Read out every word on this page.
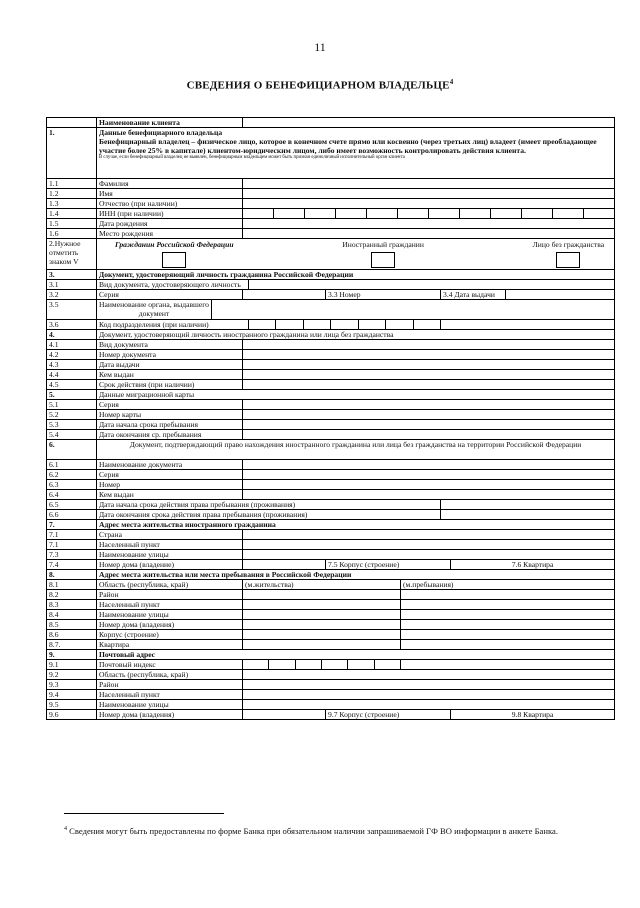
11
СВЕДЕНИЯ О БЕНЕФИЦИАРНОМ ВЛАДЕЛЬЦЕ$^4$
	Наименование клиента								
1.	Данные бенефициарного владельца
Бенефициарный владелец – физическое лицо, которое в конечном счете прямо или косвенно (через третьих лиц) владеет (имеет преобладающее участие более 25% в капитале) клиентом-юридическим лицом, либо имеет возможность контролировать действия клиента.
В случае, если бенефициарный владелец не выявлен, бенефициарным владельцем может быть признан единоличный исполнительный орган клиента								

1.1	Фамилия								
1.2	Имя								
1.3	Отчество (при наличии)								
1.4	ИНН (при наличии)								

1.5	Дата рождения								
1.6	Место рождения								
2.Нужное отметить знаком V	Гражданин Российской Федерации Иностранный гражданин Лицо без гражданства								

3.	Документ, удостоверяющий личность гражданина Российской Федерации								
3.1	Вид документа, удостоверяющего личность								
3.2	Серия				3.3 Номер		3.4 Дата выдачи		
3.5	Наименование органа, выдавшего документ								
3.6	Код подразделения (при наличии)							

4.	Документ, удостоверяющий личность иностранного гражданина или лица без гражданства								
4.1	Вид документа								
4.2	Номер документа								
4.3	Дата выдачи								
4.4	Кем выдан								
4.5	Срок действия (при наличии)								
5.	Данные миграционной карты								
5.1	Серия								
5.2	Номер карты								
5.3	Дата начала срока пребывания								
5.4	Дата окончания ср. пребывания								
6.	Документ, подтверждающий право нахождения иностранного гражданина или лица без гражданства на территории Российской Федерации								
6.1	Наименование документа								
6.2	Серия								
6.3	Номер								
6.4	Кем выдан								
6.5	Дата начала срока действия права пребывания (проживания)								
6.6	Дата окончания срока действия права пребывания (проживания)								
7.	Адрес места жительства иностранного гражданина								
7.1	Страна								
7.1	Населенный пункт								
7.3	Наименование улицы								
7.4	Номер дома (владение)				7.5 Корпус (строение)			7.6 Квартира	
8.	Адрес места жительства или места пребывания в Российской Федерации								
8.1	Область (республика, край)		(м.жительства)			(м.пребывания)			
8.2	Район								
8.3	Населенный пункт								
8.4	Наименование улицы								
8.5	Номер дома (владения)								
8.6	Корпус (строение)								
8.7.	Квартира								
9.	Почтовый адрес								
9.1	Почтовый индекс							

9.2	Область (республика, край)								
9.3	Район								
9.4	Населенный пункт								
9.5	Наименование улицы								
9.6	Номер дома (владения)				9.7 Корпус (строение)			9.8 Квартира	
$^4$ Сведения могут быть предоставлены по форме Банка при обязательном наличии запрашиваемой ГФ ВО информации в анкете Банка.
